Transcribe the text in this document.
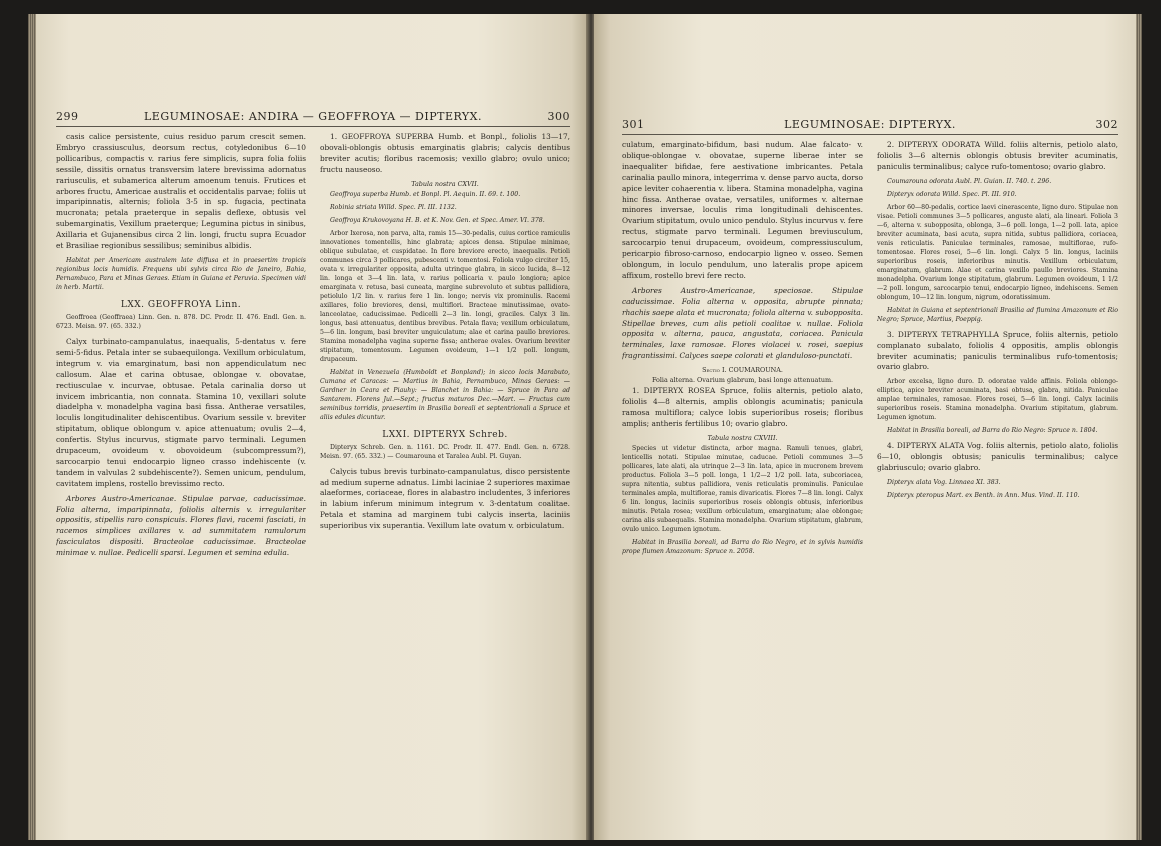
299	LEGUMINOSAE: ANDIRA — GEOFFROYA — DIPTERYX.	300

casis calice persistente, cuius residuo parum crescit semen. Embryo crassiusculus, deorsum rectus, cotyledonibus 6—10 pollicaribus, compactis v. rarius fere simplicis, supra folia foliis sessile, dissitis ornatus transversim latere brevissima adornatus rariusculis, et subamerica alterum amoenum tenuis. Frutices et arbores fructu, Americae australis et occidentalis parvae; foliis ut imparipinnatis, alternis; foliola 3-5 in sp. fugacia, pectinata mucronata; petala praeterque in sepalis deflexe, obtusis vel subemarginatis, Vexillum praeterque; Legumina pictus in sinibus, Axillaria et Gujanensibus circa 2 lin. longi, fructu supra Ecuador et Brasiliae regionibus sessilibus; seminibus albidis.

Habitat per Americam australem late diffusa et in praesertim tropicis regionibus locis humidis. Frequens ubi sylvis circa Rio de Janeiro, Bahia, Pernambuco, Para et Minas Geraes. Etiam in Guiana et Peruvia. Specimen vidi in herb. Martii.

LXX. GEOFFROYA Linn.

Geoffroea (Geoffraea) Linn. Gen. n. 878. DC. Prodr. II. 476. Endl. Gen. n. 6723. Meisn. 97. (65. 332.)

Calyx turbinato-campanulatus, inaequalis, 5-dentatus v. fere semi-5-fidus. Petala inter se subaequilonga. Vexillum orbiculatum, integrum v. via emarginatum, basi non appendiculatum nec callosum. Alae et carina obtusae, oblongae v. obovatae, rectiusculae v. incurvae, obtusae. Petala carinalia dorso ut invicem imbricantia, non connata. Stamina 10, vexillari solute diadelpha v. monadelpha vagina basi fissa. Antherae versatiles, loculis longitudinaliter dehiscentibus. Ovarium sessile v. breviter stipitatum, oblique oblongum v. apice attenuatum; ovulis 2—4, confertis. Stylus incurvus, stigmate parvo terminali. Legumen drupaceum, ovoideum v. obovoideum (subcompressum?), sarcocarpio tenui endocarpio ligneo crasso indehiscente (v. tandem in valvulas 2 subdehiscente?). Semen unicum, pendulum, cavitatem implens, rostello brevissimo recto.

Arbores Austro-Americanae. Stipulae parvae, caducissimae. Folia alterna, imparipinnata, foliolis alternis v. irregulariter oppositis, stipellis raro conspicuis. Flores flavi, racemi fasciati, in racemos simplices axillares v. ad summitatem ramulorum fasciculatos dispositi. Bracteolae caducissimae. Bracteolae minimae v. nullae. Pedicelli sparsi. Legumen et semina edulia.

1. GEOFFROYA SUPERBA Humb. et Bonpl., foliolis 13—17, obovali-oblongis obtusis emarginatis glabris; calycis dentibus breviter acutis; floribus racemosis; vexillo glabro; ovulo unico; fructu nauseoso.

Tabula nostra CXVII.

Geoffroya superba Humb. et Bonpl. Pl. Aequin. II. 69. t. 100.

Robinia striata Willd. Spec. Pl. III. 1132.

Geoffroya Krukovoyana H. B. et K. Nov. Gen. et Spec. Amer. VI. 378.

Arbor Ixerosa, non parva, alta, ramis 15—30-pedalis, cuius cortice ramiculis innovationes tomentellis, hinc glabrata; apices densa. Stipulae minimae, oblique subulatae, et cuspidatae. In flore breviore erecto, inaequalis. Petioli communes circa 3 pollicares, pubescenti v. tomentosi. Foliola vulgo circiter 15, ovata v. irregulariter opposita, adulta utrinque glabra, in sicco lucida, 8—12 lin. longa et 3—4 lin. lata, v. rarius pollicaria v. paulo longiora; apice emarginata v. retusa, basi cuneata, margine subrevoluto et subtus pallidiora, petiolulo 1/2 lin. v. rarius fere 1 lin. longo; nervis vix prominulis. Racemi axillares, folio breviores, densi, multiflori. Bracteae minutissimae, ovato-lanceolatae, caducissimae. Pedicelli 2—3 lin. longi, graciles. Calyx 3 lin. longus, basi attenuatus, dentibus brevibus. Petala flava; vexillum orbiculatum, 5—6 lin. longum, basi breviter unguiculatum; alae et carina paullo breviores. Stamina monadelpha vagina superne fissa; antherae ovales. Ovarium breviter stipitatum, tomentosum. Legumen ovoideum, 1—1 1/2 poll. longum, drupaceum.

Habitat in Venezuela (Humboldt et Bonpland); in sicco locis Marabuto, Cumana et Caracas: — Martius in Bahia, Pernambuco, Minas Geraes: — Gardner in Ceara et Piauhy: — Blanchet in Bahia: — Spruce in Para ad Santarem. Florens Jul.—Sept.; fructus maturos Dec.—Mart. — Fructus cum seminibus torridis, praesertim in Brasilia boreali et septentrionali a Spruce et aliis edules dicuntur.

LXXI. DIPTERYX Schreb.

Dipteryx Schreb. Gen. n. 1161. DC. Prodr. II. 477. Endl. Gen. n. 6728. Meisn. 97. (65. 332.) — Coumarouna et Taralea Aubl. Pl. Guyan.

Calycis tubus brevis turbinato-campanulatus, disco persistente ad medium superne adnatus. Limbi laciniae 2 superiores maximae alaeformes, coriaceae, flores in alabastro includentes, 3 inferiores in labium inferum minimum integrum v. 3-dentatum coalitae. Petala et stamina ad marginem tubi calycis inserta, laciniis superioribus vix superantia. Vexillum late ovatum v. orbiculatum.

301	LEGUMINOSAE: DIPTERYX.	302

culatum, emarginato-bifidum, basi nudum. Alae falcato- v. oblique-oblongae v. obovatae, superne liberae inter se inaequaliter bifidae, fere aestivatione imbricantes. Petala carinalia paullo minora, integerrima v. dense parvo aucta, dorso apice leviter cohaerentia v. libera. Stamina monadelpha, vagina hinc fissa. Antherae ovatae, versatiles, uniformes v. alternae minores inversae, loculis rima longitudinali dehiscentes. Ovarium stipitatum, ovulo unico pendulo. Stylus incurvus v. fere rectus, stigmate parvo terminali. Legumen breviusculum, sarcocarpio tenui drupaceum, ovoideum, compressiusculum, pericarpio fibroso-carnoso, endocarpio ligneo v. osseo. Semen oblongum, in loculo pendulum, uno lateralis prope apicem affixum, rostello brevi fere recto.

Arbores Austro-Americanae, speciosae. Stipulae caducissimae. Folia alterna v. opposita, abrupte pinnata; rhachis saepe alata et mucronata; foliola alterna v. subopposita. Stipellae breves, cum alis petioli coalitae v. nullae. Foliola opposita v. alterna, pauca, angustata, coriacea. Panicula terminales, laxe ramosae. Flores violacei v. rosei, saepius fragrantissimi. Calyces saepe colorati et glanduloso-punctati.

Sectio I. COUMAROUNA.
Folia alterna. Ovarium glabrum, basi longe attenuatum.

1. DIPTERYX ROSEA Spruce, foliis alternis, petiolo alato, foliolis 4—8 alternis, amplis oblongis acuminatis; panicula ramosa multiflora; calyce lobis superioribus roseis; floribus amplis; antheris fertilibus 10; ovario glabro.

Tabula nostra CXVIII.

Species ut videtur distincta, arbor magna. Ramuli tenues, glabri, lenticellis notati. Stipulae minutae, caducae. Petioli communes 3—5 pollicares, late alati, ala utrinque 2—3 lin. lata, apice in mucronem brevem productus. Foliola 3—5 poll. longa, 1 1/2—2 1/2 poll. lata, subcoriacea, supra nitentia, subtus pallidiora, venis reticulatis prominulis. Paniculae terminales ampla, multiflorae, ramis divaricatis. Flores 7—8 lin. longi. Calyx 6 lin. longus, laciniis superioribus roseis oblongis obtusis, inferioribus minutis. Petala rosea; vexillum orbiculatum, emarginatum; alae oblongae; carina alis subaequalis. Stamina monadelpha. Ovarium stipitatum, glabrum, ovulo unico. Legumen ignotum.

Habitat in Brasilia boreali, ad Barra do Rio Negro, et in sylvis humidis prope flumen Amazonum: Spruce n. 2058.

2. DIPTERYX ODORATA Willd. foliis alternis, petiolo alato, foliolis 3—6 alternis oblongis obtusis breviter acuminatis, paniculis terminalibus; calyce rufo-tomentoso; ovario glabro.

Coumarouna odorata Aubl. Pl. Guian. II. 740. t. 296.

Dipteryx odorata Willd. Spec. Pl. III. 910.

Arbor 60—80-pedalis, cortice laevi cinerascente, ligno duro. Stipulae non visae. Petioli communes 3—5 pollicares, anguste alati, ala lineari. Foliola 3—6, alterna v. subopposita, oblonga, 3—6 poll. longa, 1—2 poll. lata, apice breviter acuminata, basi acuta, supra nitida, subtus pallidiora, coriacea, venis reticulatis. Paniculae terminales, ramosae, multiflorae, rufo-tomentosae. Flores rosei, 5—6 lin. longi. Calyx 5 lin. longus, laciniis superioribus roseis, inferioribus minutis. Vexillum orbiculatum, emarginatum, glabrum. Alae et carina vexillo paullo breviores. Stamina monadelpha. Ovarium longe stipitatum, glabrum. Legumen ovoideum, 1 1/2—2 poll. longum, sarcocarpio tenui, endocarpio ligneo, indehiscens. Semen oblongum, 10—12 lin. longum, nigrum, odoratissimum.

Habitat in Guiana et septentrionali Brasilia ad flumina Amazonum et Rio Negro; Spruce, Martius, Poeppig.

3. DIPTERYX TETRAPHYLLA Spruce, foliis alternis, petiolo complanato subalato, foliolis 4 oppositis, amplis oblongis breviter acuminatis; paniculis terminalibus rufo-tomentosis; ovario glabro.

Arbor excelsa, ligno duro. D. odoratae valde affinis. Foliola oblongo-elliptica, apice breviter acuminata, basi obtusa, glabra, nitida. Paniculae amplae terminales, ramosae. Flores rosei, 5—6 lin. longi. Calyx laciniis superioribus roseis. Stamina monadelpha. Ovarium stipitatum, glabrum. Legumen ignotum.

Habitat in Brasilia boreali, ad Barra do Rio Negro: Spruce n. 1804.

4. DIPTERYX ALATA Vog. foliis alternis, petiolo alato, foliolis 6—10, oblongis obtusis; paniculis terminalibus; calyce glabriusculo; ovario glabro.

Dipteryx alata Vog. Linnaea XI. 383.

Dipteryx pteropus Mart. ex Benth. in Ann. Mus. Vind. II. 110.
